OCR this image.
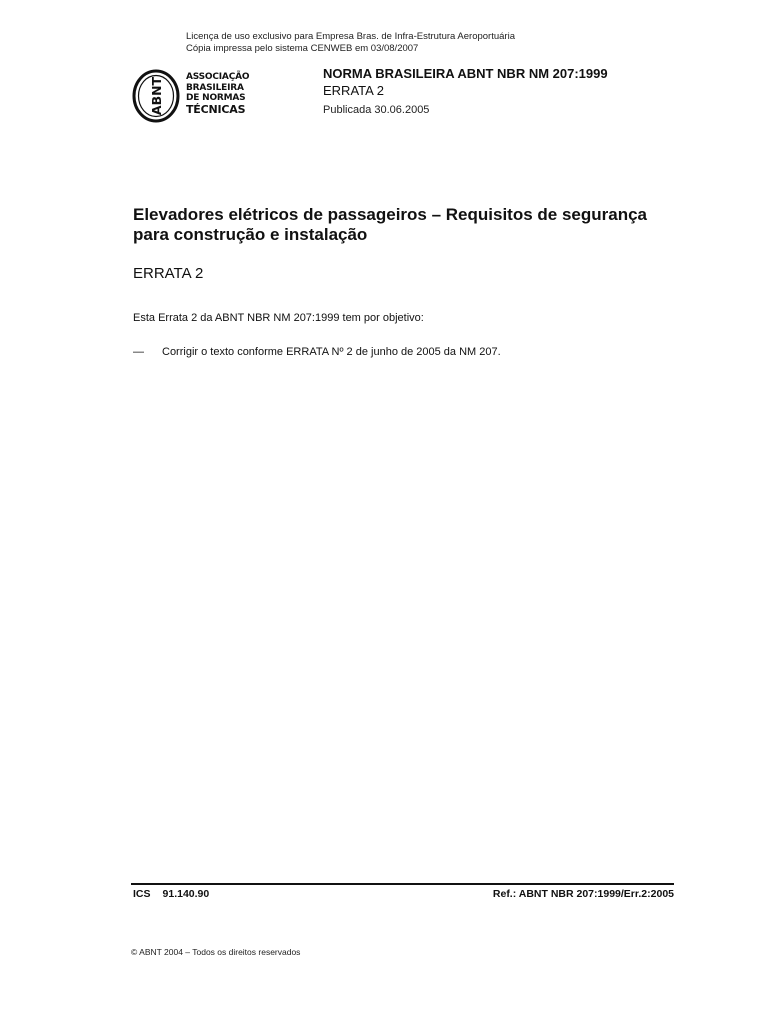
Licença de uso exclusivo para Empresa Bras. de Infra-Estrutura Aeroportuária
Cópia impressa pelo sistema CENWEB em 03/08/2007
ABNT ASSOCIAÇÃO
BRASILEIRA
DE NORMAS
TÉCNICAS
NORMA BRASILEIRA ABNT NBR NM 207:1999
ERRATA 2
Publicada 30.06.2005
Elevadores elétricos de passageiros – Requisitos de segurança
para construção e instalação
ERRATA 2
Esta Errata 2 da ABNT NBR NM 207:1999 tem por objetivo:
— Corrigir o texto conforme ERRATA Nº 2 de junho de 2005 da NM 207.
ICS 91.140.90	Ref.: ABNT NBR 207:1999/Err.2:2005
© ABNT 2004 – Todos os direitos reservados
